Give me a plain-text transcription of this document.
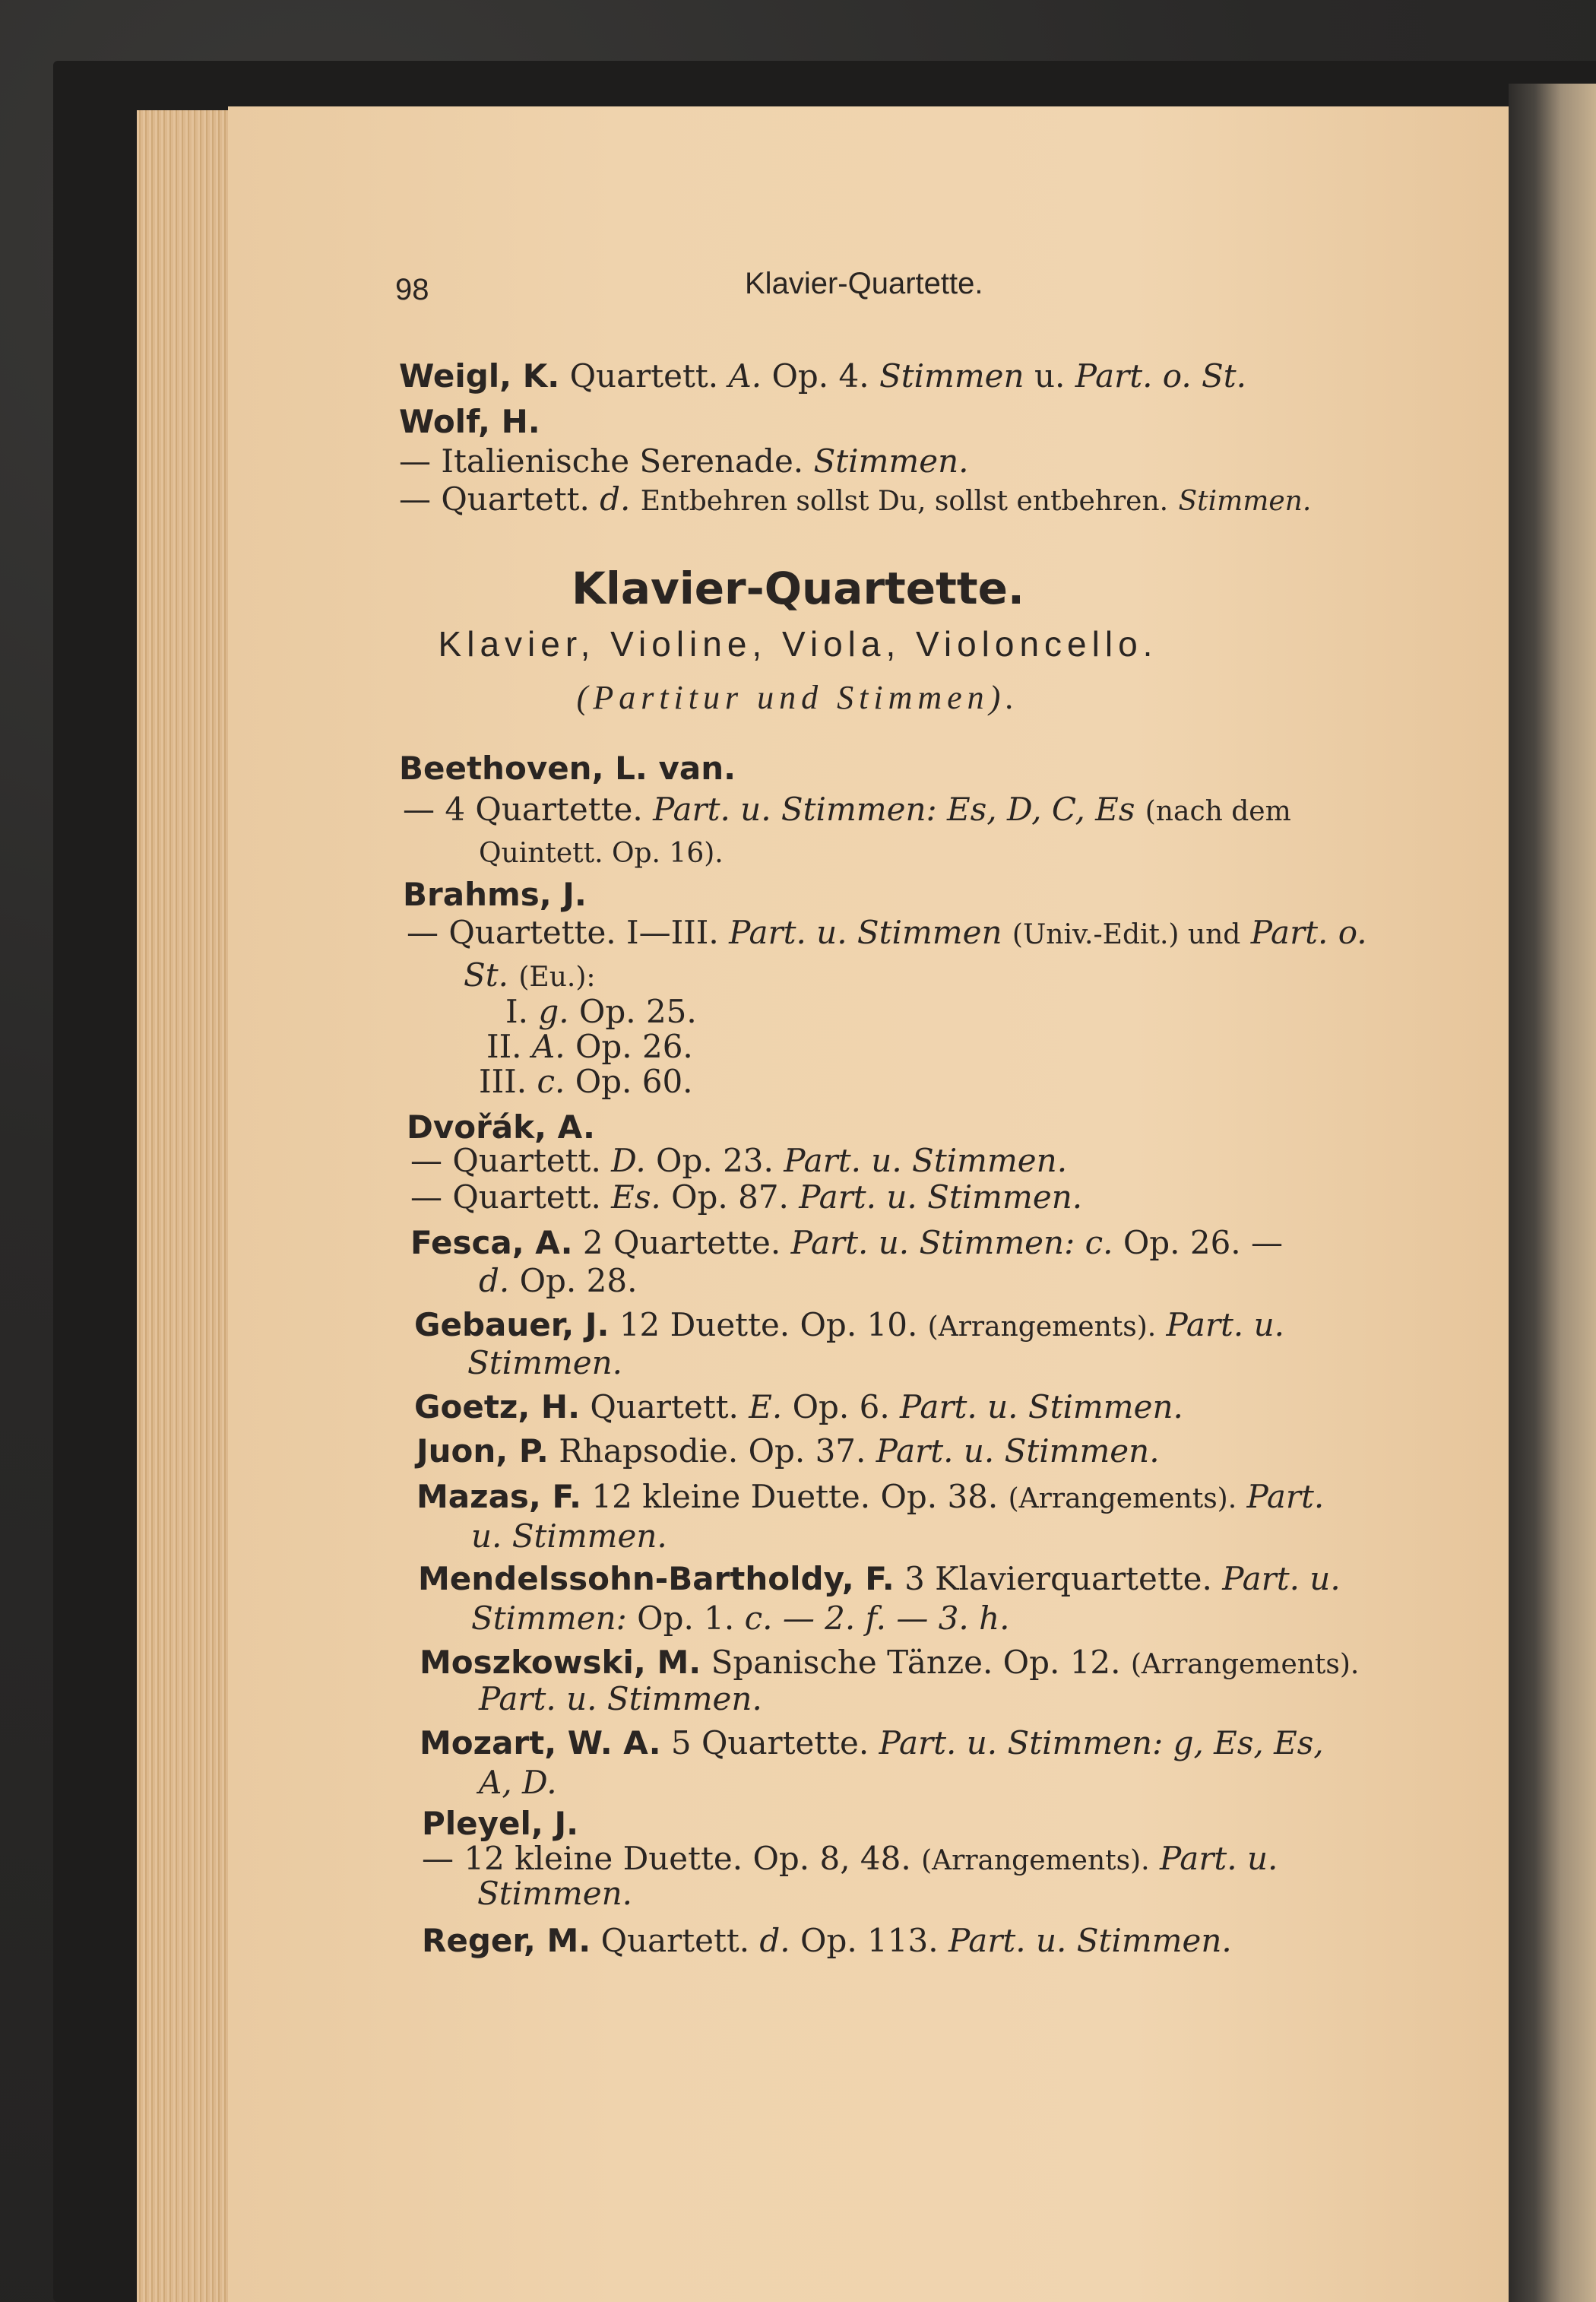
98	Klavier-Quartette.
Weigl, K. Quartett. A. Op. 4. Stimmen u. Part. o. St.
Wolf, H.
— Italienische Serenade. Stimmen.
— Quartett. d. Entbehren sollst Du, sollst entbehren. Stimmen.
Klavier-Quartette.
Klavier, Violine, Viola, Violoncello.
(Partitur und Stimmen).
Beethoven, L. van.
— 4 Quartette. Part. u. Stimmen: Es, D, C, Es (nach dem
Quintett. Op. 16).
Brahms, J.
— Quartette. I—III. Part. u. Stimmen (Univ.-Edit.) und Part. o.
St. (Eu.):
I. g. Op. 25.
II. A. Op. 26.
III. c. Op. 60.
Dvořák, A.
— Quartett. D. Op. 23. Part. u. Stimmen.
— Quartett. Es. Op. 87. Part. u. Stimmen.
Fesca, A. 2 Quartette. Part. u. Stimmen: c. Op. 26. —
d. Op. 28.
Gebauer, J. 12 Duette. Op. 10. (Arrangements). Part. u.
Stimmen.
Goetz, H. Quartett. E. Op. 6. Part. u. Stimmen.
Juon, P. Rhapsodie. Op. 37. Part. u. Stimmen.
Mazas, F. 12 kleine Duette. Op. 38. (Arrangements). Part.
u. Stimmen.
Mendelssohn-Bartholdy, F. 3 Klavierquartette. Part. u.
Stimmen: Op. 1. c. — 2. f. — 3. h.
Moszkowski, M. Spanische Tänze. Op. 12. (Arrangements).
Part. u. Stimmen.
Mozart, W. A. 5 Quartette. Part. u. Stimmen: g, Es, Es,
A, D.
Pleyel, J.
— 12 kleine Duette. Op. 8, 48. (Arrangements). Part. u.
Stimmen.
Reger, M. Quartett. d. Op. 113. Part. u. Stimmen.
